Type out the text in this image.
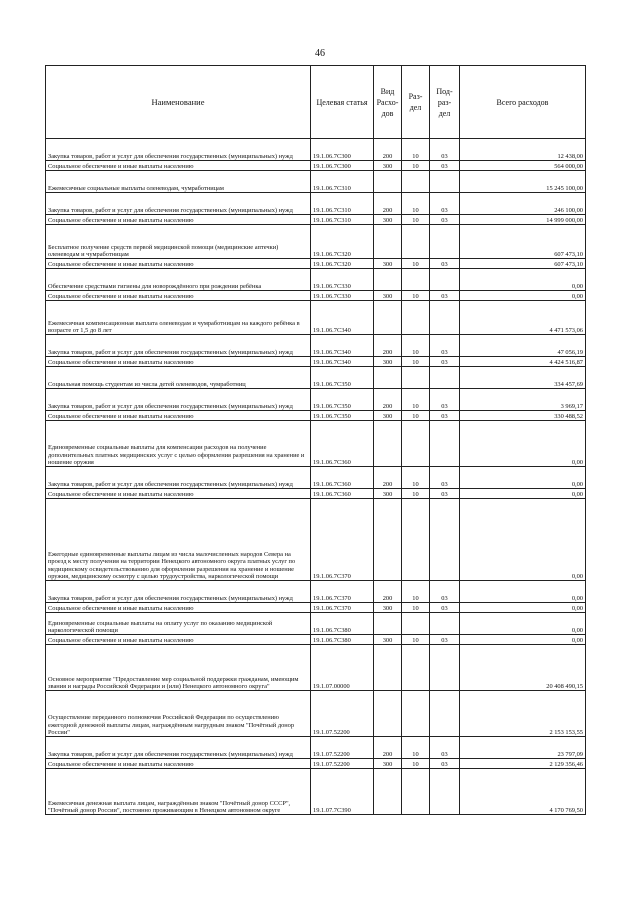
46
Наименование	Целевая статья	Вид Расхо- дов	Раз- дел	Под- раз- дел	Всего расходов
Закупка товаров, работ и услуг для обеспечения государственных (муниципальных) нужд	19.1.06.7С300	200	10	03	12 438,00
Социальное обеспечение и иные выплаты населению	19.1.06.7С300	300	10	03	564 000,00
Ежемесячные социальные выплаты оленеводам, чумработницам	19.1.06.7С310				15 245 100,00
Закупка товаров, работ и услуг для обеспечения государственных (муниципальных) нужд	19.1.06.7С310	200	10	03	246 100,00
Социальное обеспечение и иные выплаты населению	19.1.06.7С310	300	10	03	14 999 000,00
Бесплатное получение средств первой медицинской помощи (медицинские аптечки) оленеводам и чумработницам	19.1.06.7С320				607 473,10
Социальное обеспечение и иные выплаты населению	19.1.06.7С320	300	10	03	607 473,10
Обеспечение средствами гигиены для новорождённого при рождении ребёнка	19.1.06.7С330				0,00
Социальное обеспечение и иные выплаты населению	19.1.06.7С330	300	10	03	0,00
Ежемесячная компенсационная выплата оленеводам и чумработницам на каждого ребёнка в возрасте от 1,5 до 8 лет	19.1.06.7С340				4 471 573,06
Закупка товаров, работ и услуг для обеспечения государственных (муниципальных) нужд	19.1.06.7С340	200	10	03	47 056,19
Социальное обеспечение и иные выплаты населению	19.1.06.7С340	300	10	03	4 424 516,87
Социальная помощь студентам из числа детей оленеводов, чумработниц	19.1.06.7С350				334 457,69
Закупка товаров, работ и услуг для обеспечения государственных (муниципальных) нужд	19.1.06.7С350	200	10	03	3 969,17
Социальное обеспечение и иные выплаты населению	19.1.06.7С350	300	10	03	330 488,52
Единовременные социальные выплаты для компенсации расходов на получение дополнительных платных медицинских услуг с целью оформления разрешения на хранение и ношение оружия	19.1.06.7С360				0,00
Закупка товаров, работ и услуг для обеспечения государственных (муниципальных) нужд	19.1.06.7С360	200	10	03	0,00
Социальное обеспечение и иные выплаты населению	19.1.06.7С360	300	10	03	0,00
Ежегодные единовременные выплаты лицам из числа малочисленных народов Севера на проезд к месту получения на территории Ненецкого автономного округа платных услуг по медицинскому освидетельствованию для оформления разрешения на хранение и ношение оружия, медицинскому осмотру с целью трудоустройства, наркологической помощи	19.1.06.7С370				0,00
Закупка товаров, работ и услуг для обеспечения государственных (муниципальных) нужд	19.1.06.7С370	200	10	03	0,00
Социальное обеспечение и иные выплаты населению	19.1.06.7С370	300	10	03	0,00
Единовременные социальные выплаты на оплату услуг по оказанию медицинской наркологической помощи	19.1.06.7С380				0,00
Социальное обеспечение и иные выплаты населению	19.1.06.7С380	300	10	03	0,00
Основное мероприятие "Предоставление мер социальной поддержки гражданам, имеющим звания и награды Российской Федерации и (или) Ненецкого автономного округа"	19.1.07.00000				20 408 490,15
Осуществление переданного полномочия Российской Федерации по осуществлению ежегодной денежной выплаты лицам, награждённым нагрудным знаком "Почётный донор России"	19.1.07.52200				2 153 153,55
Закупка товаров, работ и услуг для обеспечения государственных (муниципальных) нужд	19.1.07.52200	200	10	03	23 797,09
Социальное обеспечение и иные выплаты населению	19.1.07.52200	300	10	03	2 129 356,46
Ежемесячная денежная выплата лицам, награждённым знаком "Почётный донор СССР", "Почётный донор России", постоянно проживающим в Ненецком автономном округе	19.1.07.7С390				4 170 769,50
